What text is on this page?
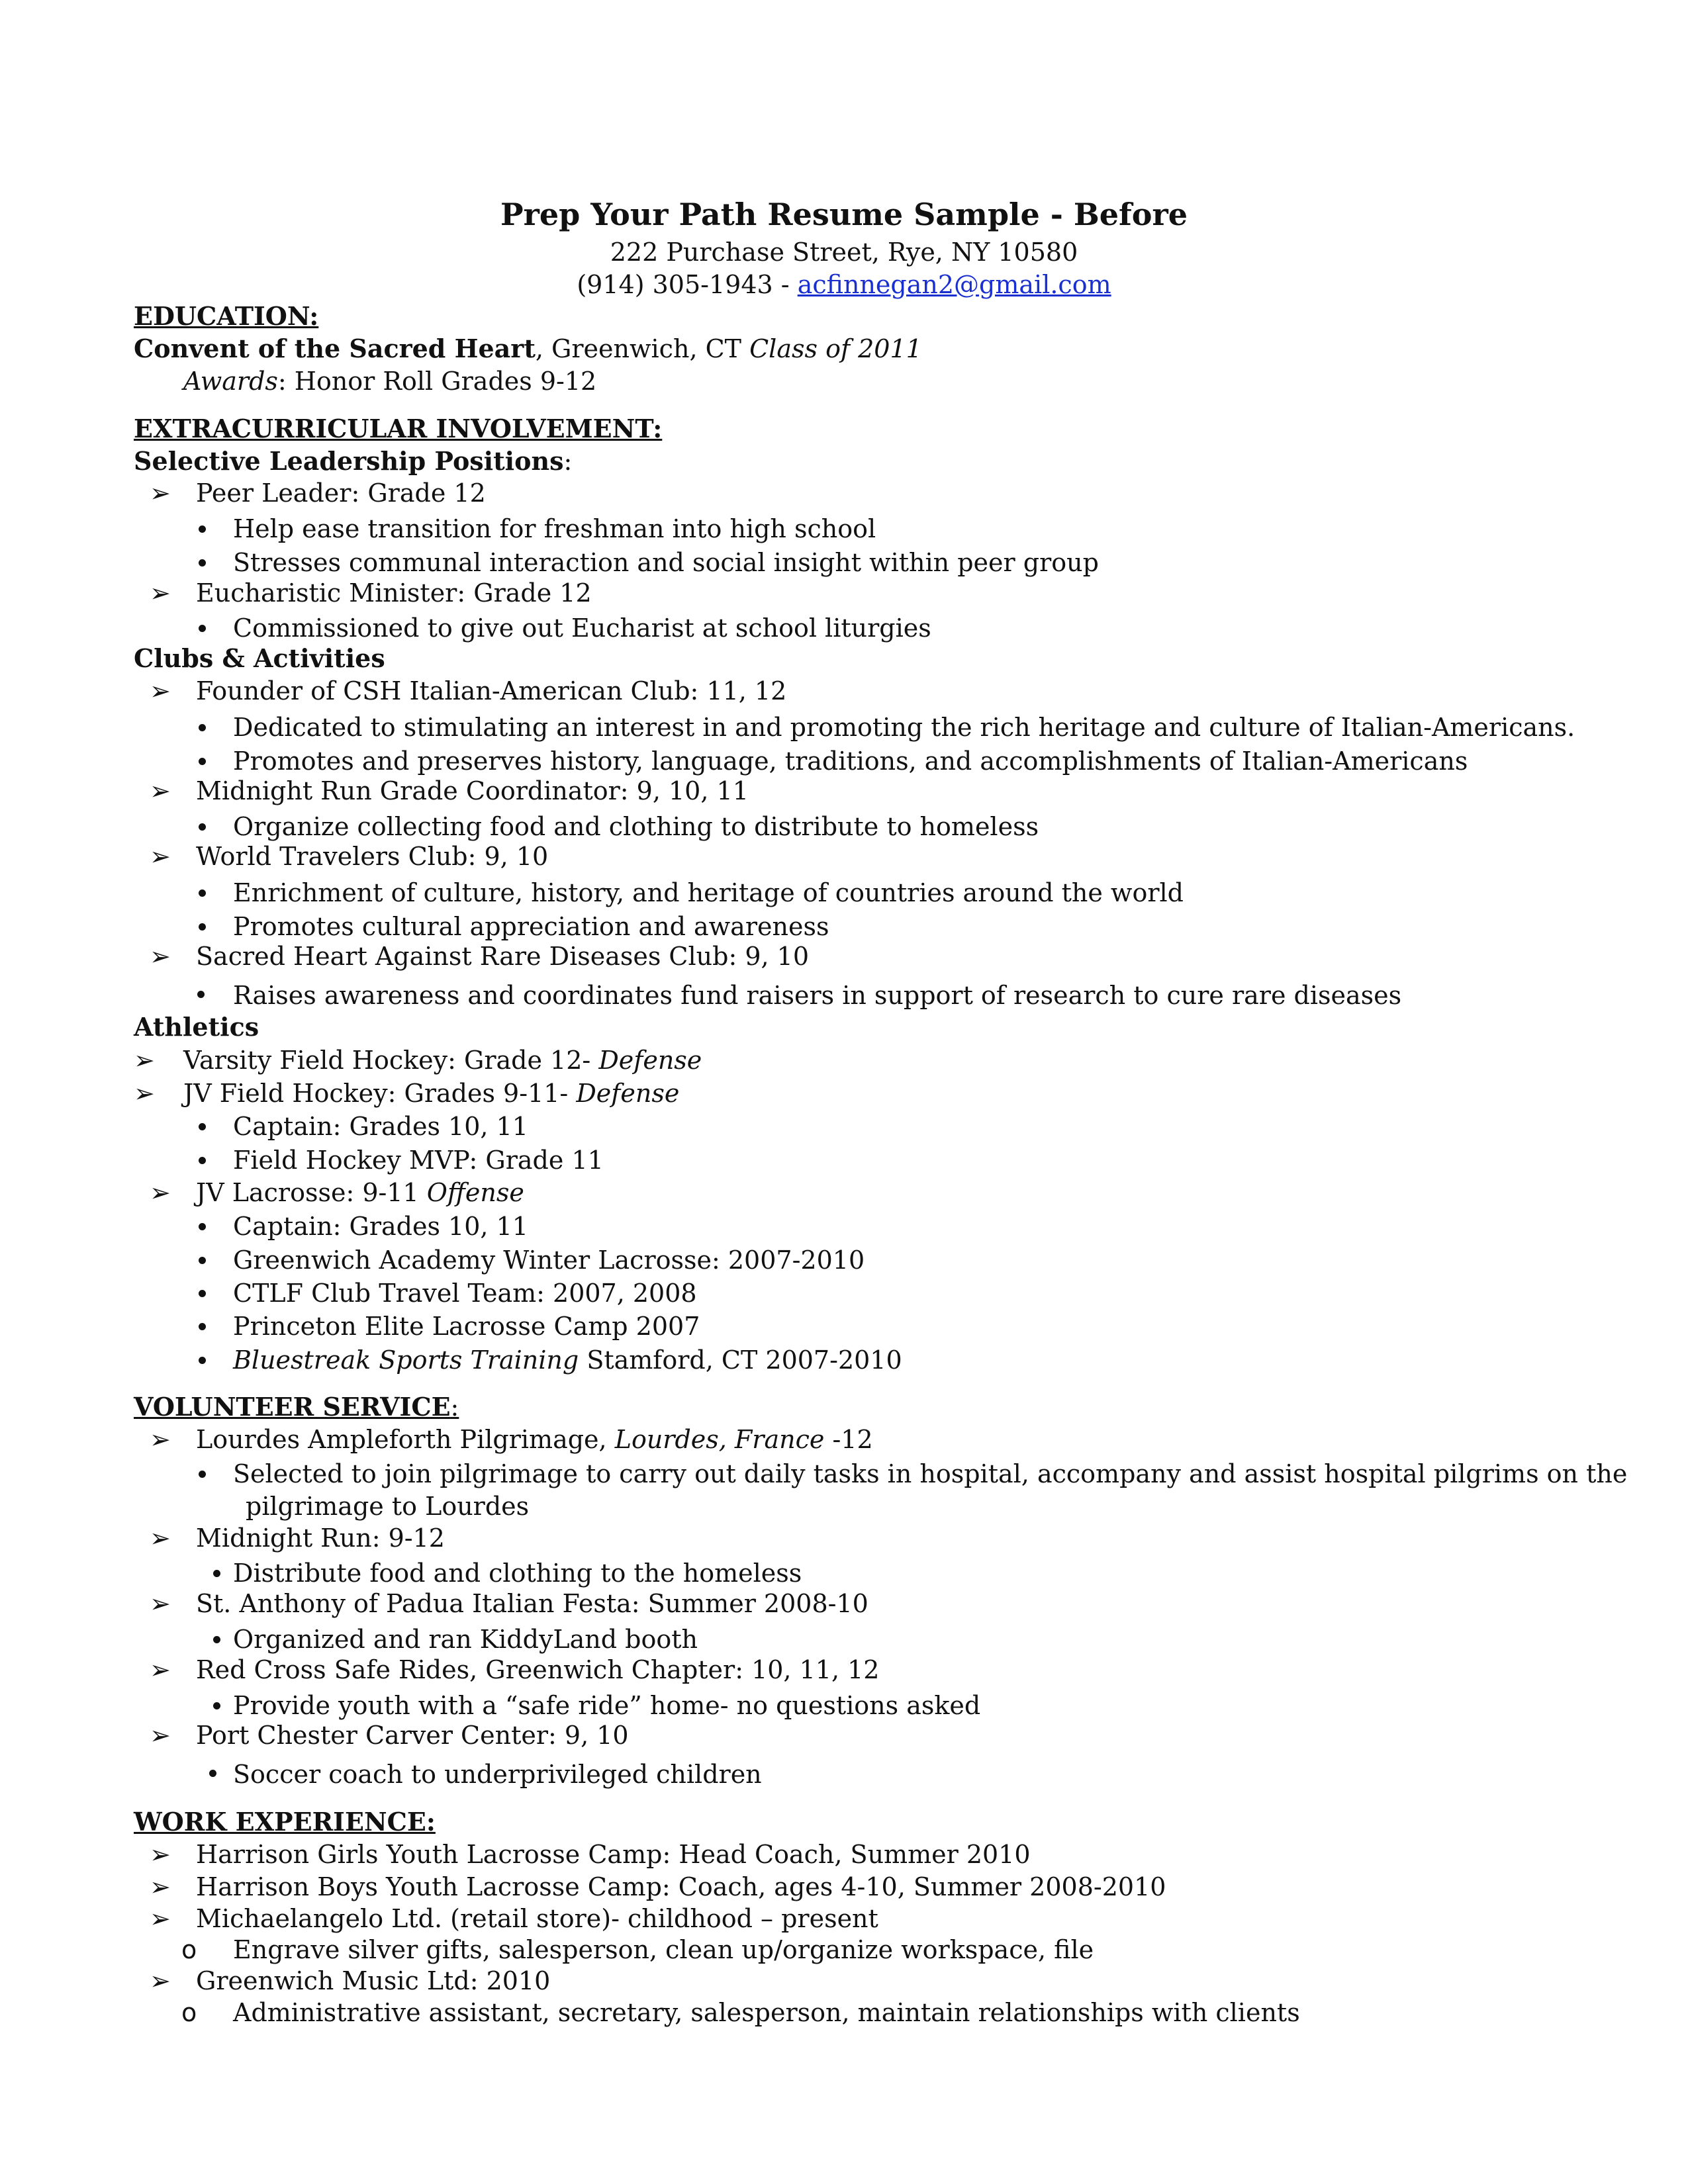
Prep Your Path Resume Sample - Before
222 Purchase Street, Rye, NY 10580
(914) 305-1943 - acfinnegan2@gmail.com
EDUCATION:
Convent of the Sacred Heart, Greenwich, CT Class of 2011
Awards: Honor Roll Grades 9-12
EXTRACURRICULAR INVOLVEMENT:
Selective Leadership Positions:
➢ Peer Leader: Grade 12
Help ease transition for freshman into high school
Stresses communal interaction and social insight within peer group
➢ Eucharistic Minister: Grade 12
Commissioned to give out Eucharist at school liturgies
Clubs & Activities
➢ Founder of CSH Italian-American Club: 11, 12
Dedicated to stimulating an interest in and promoting the rich heritage and culture of Italian-Americans.
Promotes and preserves history, language, traditions, and accomplishments of Italian-Americans
➢ Midnight Run Grade Coordinator: 9, 10, 11
Organize collecting food and clothing to distribute to homeless
➢ World Travelers Club: 9, 10
Enrichment of culture, history, and heritage of countries around the world
Promotes cultural appreciation and awareness
➢ Sacred Heart Against Rare Diseases Club: 9, 10
Raises awareness and coordinates fund raisers in support of research to cure rare diseases
Athletics
➢ Varsity Field Hockey: Grade 12- Defense
➢ JV Field Hockey: Grades 9-11- Defense
Captain: Grades 10, 11
Field Hockey MVP: Grade 11
➢ JV Lacrosse: 9-11 Offense
Captain: Grades 10, 11
Greenwich Academy Winter Lacrosse: 2007-2010
CTLF Club Travel Team: 2007, 2008
Princeton Elite Lacrosse Camp 2007
Bluestreak Sports Training Stamford, CT 2007-2010
VOLUNTEER SERVICE:
➢ Lourdes Ampleforth Pilgrimage, Lourdes, France -12
Selected to join pilgrimage to carry out daily tasks in hospital, accompany and assist hospital pilgrims on the
pilgrimage to Lourdes
➢ Midnight Run: 9-12
Distribute food and clothing to the homeless
➢ St. Anthony of Padua Italian Festa: Summer 2008-10
Organized and ran KiddyLand booth
➢ Red Cross Safe Rides, Greenwich Chapter: 10, 11, 12
Provide youth with a “safe ride” home- no questions asked
➢ Port Chester Carver Center: 9, 10
Soccer coach to underprivileged children
WORK EXPERIENCE:
➢ Harrison Girls Youth Lacrosse Camp: Head Coach, Summer 2010
➢ Harrison Boys Youth Lacrosse Camp: Coach, ages 4-10, Summer 2008-2010
➢ Michaelangelo Ltd. (retail store)- childhood – present
o Engrave silver gifts, salesperson, clean up/organize workspace, file
➢ Greenwich Music Ltd: 2010
o Administrative assistant, secretary, salesperson, maintain relationships with clients
